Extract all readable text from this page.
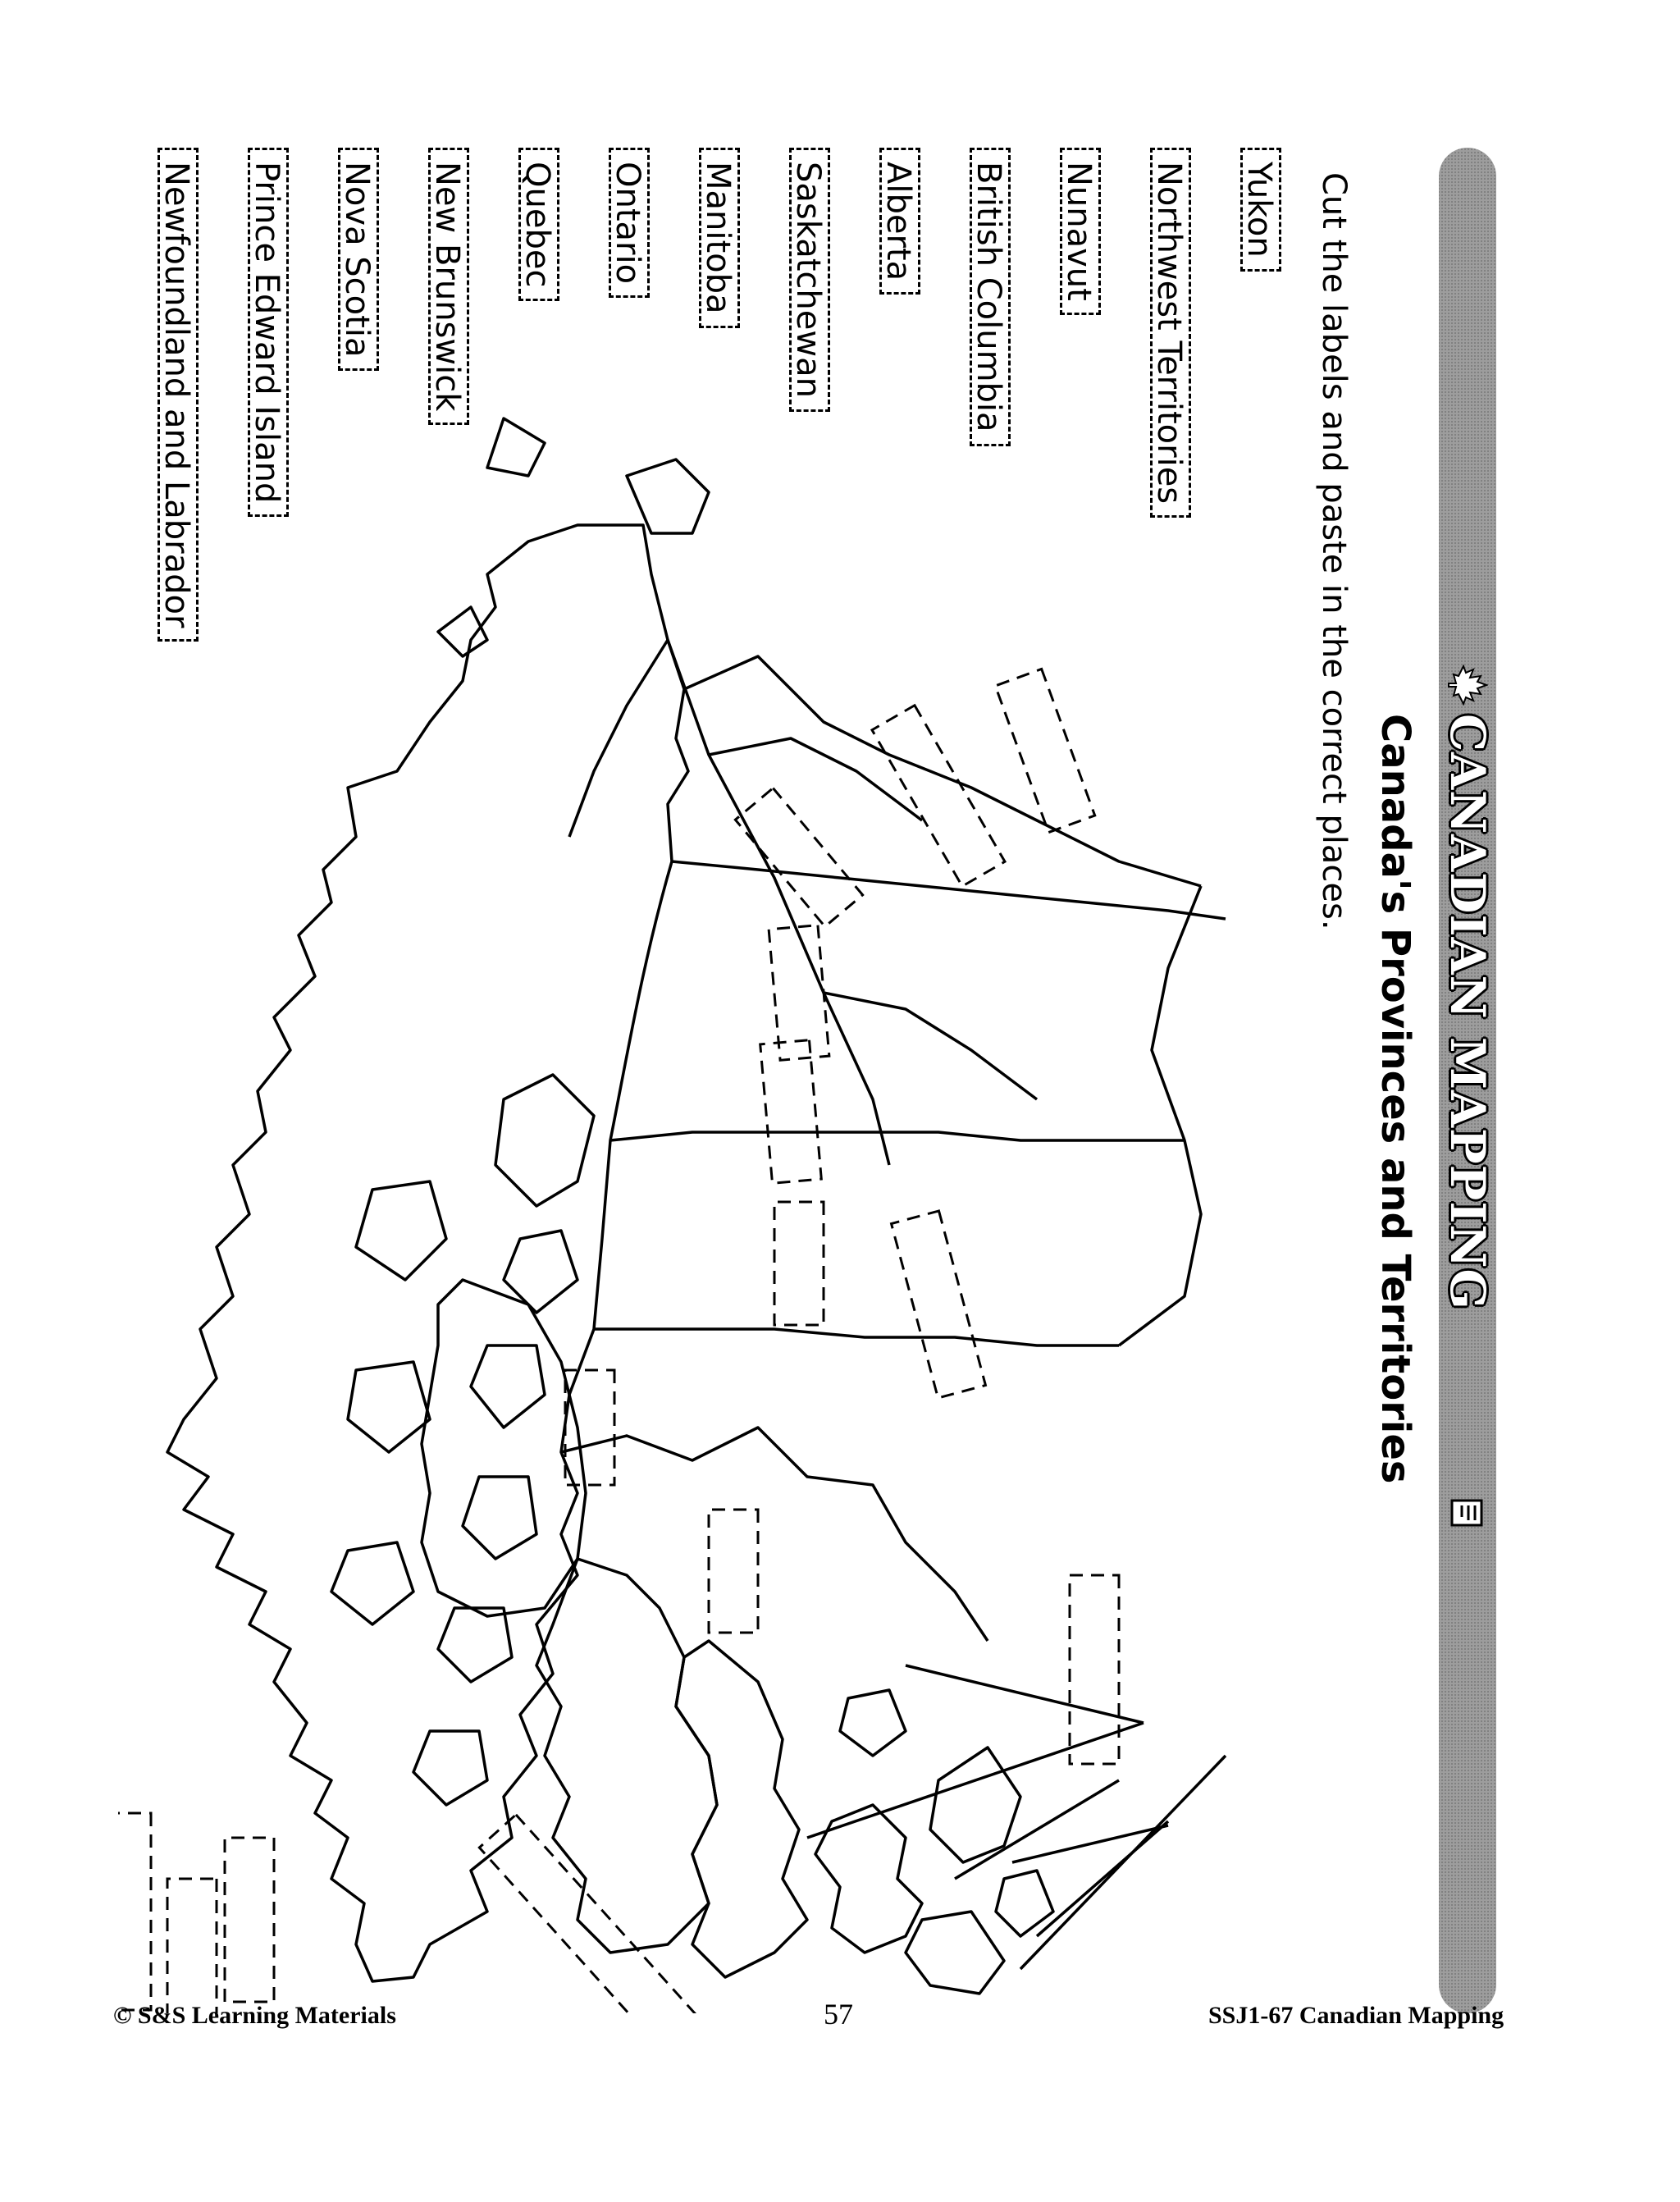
CANADIAN MAPPING
Canada's Provinces and Territories
Cut the labels and paste in the correct places.
Yukon
Northwest Territories
Nunavut
British Columbia
Alberta
Saskatchewan
Manitoba
Ontario
Quebec
New Brunswick
Nova Scotia
Prince Edward Island
Newfoundland and Labrador
© S&S Learning Materials	57	SSJ1-67 Canadian Mapping
